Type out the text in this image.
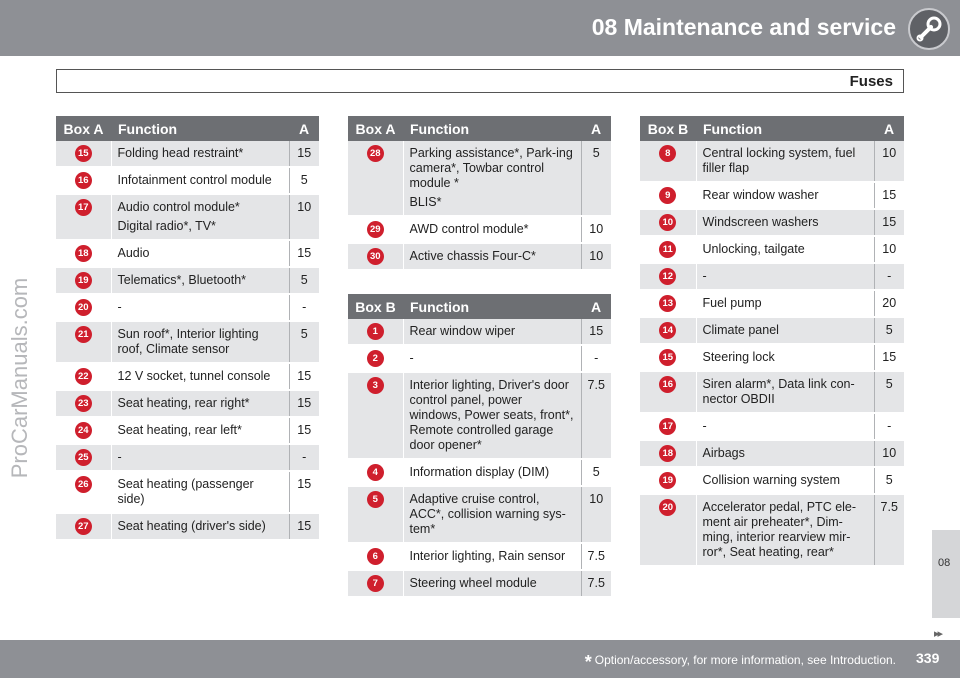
08 Maintenance and service
Fuses
Box A	Function	A
15	Folding head restraint*	15
16	Infotainment control module	5
17	Audio control module*
Digital radio*, TV*	10
18	Audio	15
19	Telematics*, Bluetooth*	5
20	-	-
21	Sun roof*, Interior lighting roof, Climate sensor	5
22	12 V socket, tunnel console	15
23	Seat heating, rear right*	15
24	Seat heating, rear left*	15
25	-	-
26	Seat heating (passenger side)	15
27	Seat heating (driver's side)	15
Box A	Function	A
28	Parking assistance*, Park-ing camera*, Towbar control module *
BLIS*	5
29	AWD control module*	10
30	Active chassis Four-C*	10
Box B	Function	A
1	Rear window wiper	15
2	-	-
3	Interior lighting, Driver's door control panel, power windows, Power seats, front*, Remote controlled garage door opener*	7.5
4	Information display (DIM)	5
5	Adaptive cruise control, ACC*, collision warning sys-tem*	10
6	Interior lighting, Rain sensor	7.5
7	Steering wheel module	7.5
Box B	Function	A
8	Central locking system, fuel filler flap	10
9	Rear window washer	15
10	Windscreen washers	15
11	Unlocking, tailgate	10
12	-	-
13	Fuel pump	20
14	Climate panel	5
15	Steering lock	15
16	Siren alarm*, Data link con-nector OBDII	5
17	-	-
18	Airbags	10
19	Collision warning system	5
20	Accelerator pedal, PTC ele-ment air preheater*, Dim-ming, interior rearview mir-ror*, Seat heating, rear*	7.5
ProCarManuals.com
08
▸▸
* Option/accessory, for more information, see Introduction. 339
